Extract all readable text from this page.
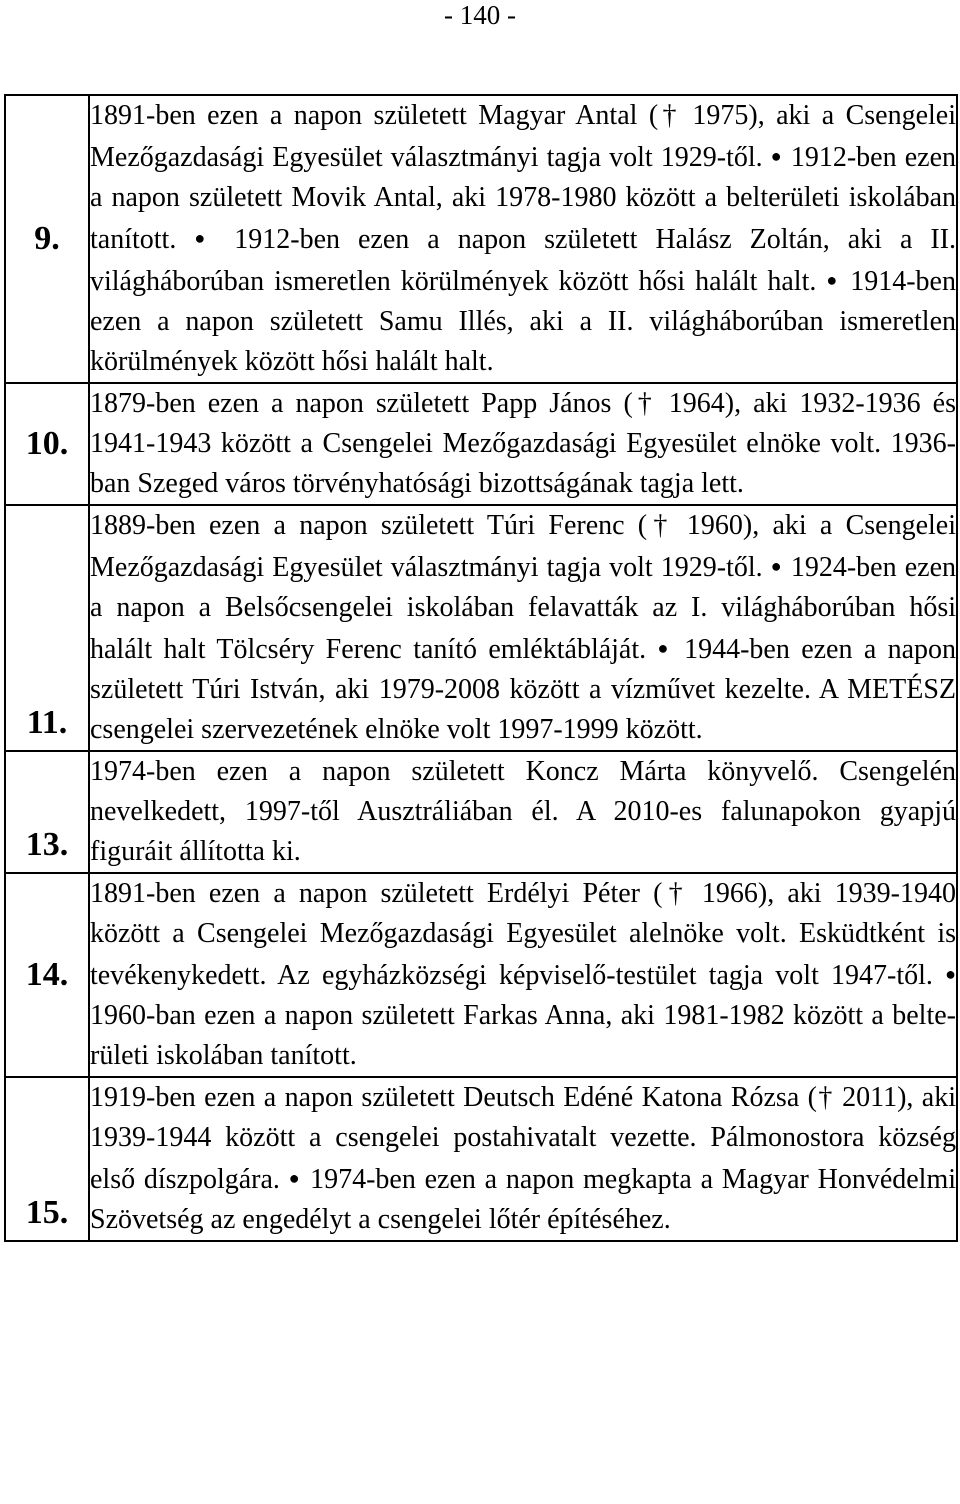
- 140 -
9.	1891-ben ezen a napon született Magyar Antal († 1975), aki a Csengelei Mezőgazdasági Egyesület választmányi tagja volt 1929-től. ● 1912-ben ezen a napon született Movik Antal, aki 1978-1980 között a belterületi iskolában tanított. ● 1912-ben ezen a napon született Halász Zoltán, aki a II. világháborúban ismeretlen körülmények között hősi halált halt. ● 1914-ben ezen a napon született Samu Illés, aki a II. világháborúban ismeretlen körülmények között hősi halált halt.
10.	1879-ben ezen a napon született Papp János († 1964), aki 1932-1936 és 1941-1943 között a Csengelei Mezőgazdasági Egyesület elnöke volt. 1936-ban Szeged város törvényhatósági bizottságának tagja lett.
11.	1889-ben ezen a napon született Túri Ferenc († 1960), aki a Csengelei Mezőgazdasági Egyesület választmányi tagja volt 1929-től. ● 1924-ben ezen a napon a Belsőcsengelei iskolában felavatták az I. világháborúban hősi halált halt Tölcséry Ferenc tanító emléktábláját. ● 1944-ben ezen a napon született Túri István, aki 1979-2008 között a vízművet kezelte. A METÉSZ csengelei szervezetének elnöke volt 1997-1999 között.
13.	1974-ben ezen a napon született Koncz Márta könyvelő. Csengelén nevelkedett, 1997-től Ausztráliában él. A 2010-es falunapokon gyapjú figuráit állította ki.
14.	1891-ben ezen a napon született Erdélyi Péter († 1966), aki 1939-1940 között a Csengelei Mezőgazdasági Egyesület alelnöke volt. Esküdtként is tevékenykedett. Az egyházközségi képviselő-testület tagja volt 1947-től. ● 1960-ban ezen a napon született Farkas Anna, aki 1981-1982 között a belterületi iskolában tanított.
15.	1919-ben ezen a napon született Deutsch Edéné Katona Rózsa († 2011), aki 1939-1944 között a csengelei postahivatalt vezette. Pálmonostora község első díszpolgára. ● 1974-ben ezen a napon megkapta a Magyar Honvédelmi Szövetség az engedélyt a csengelei lőtér építéséhez.
